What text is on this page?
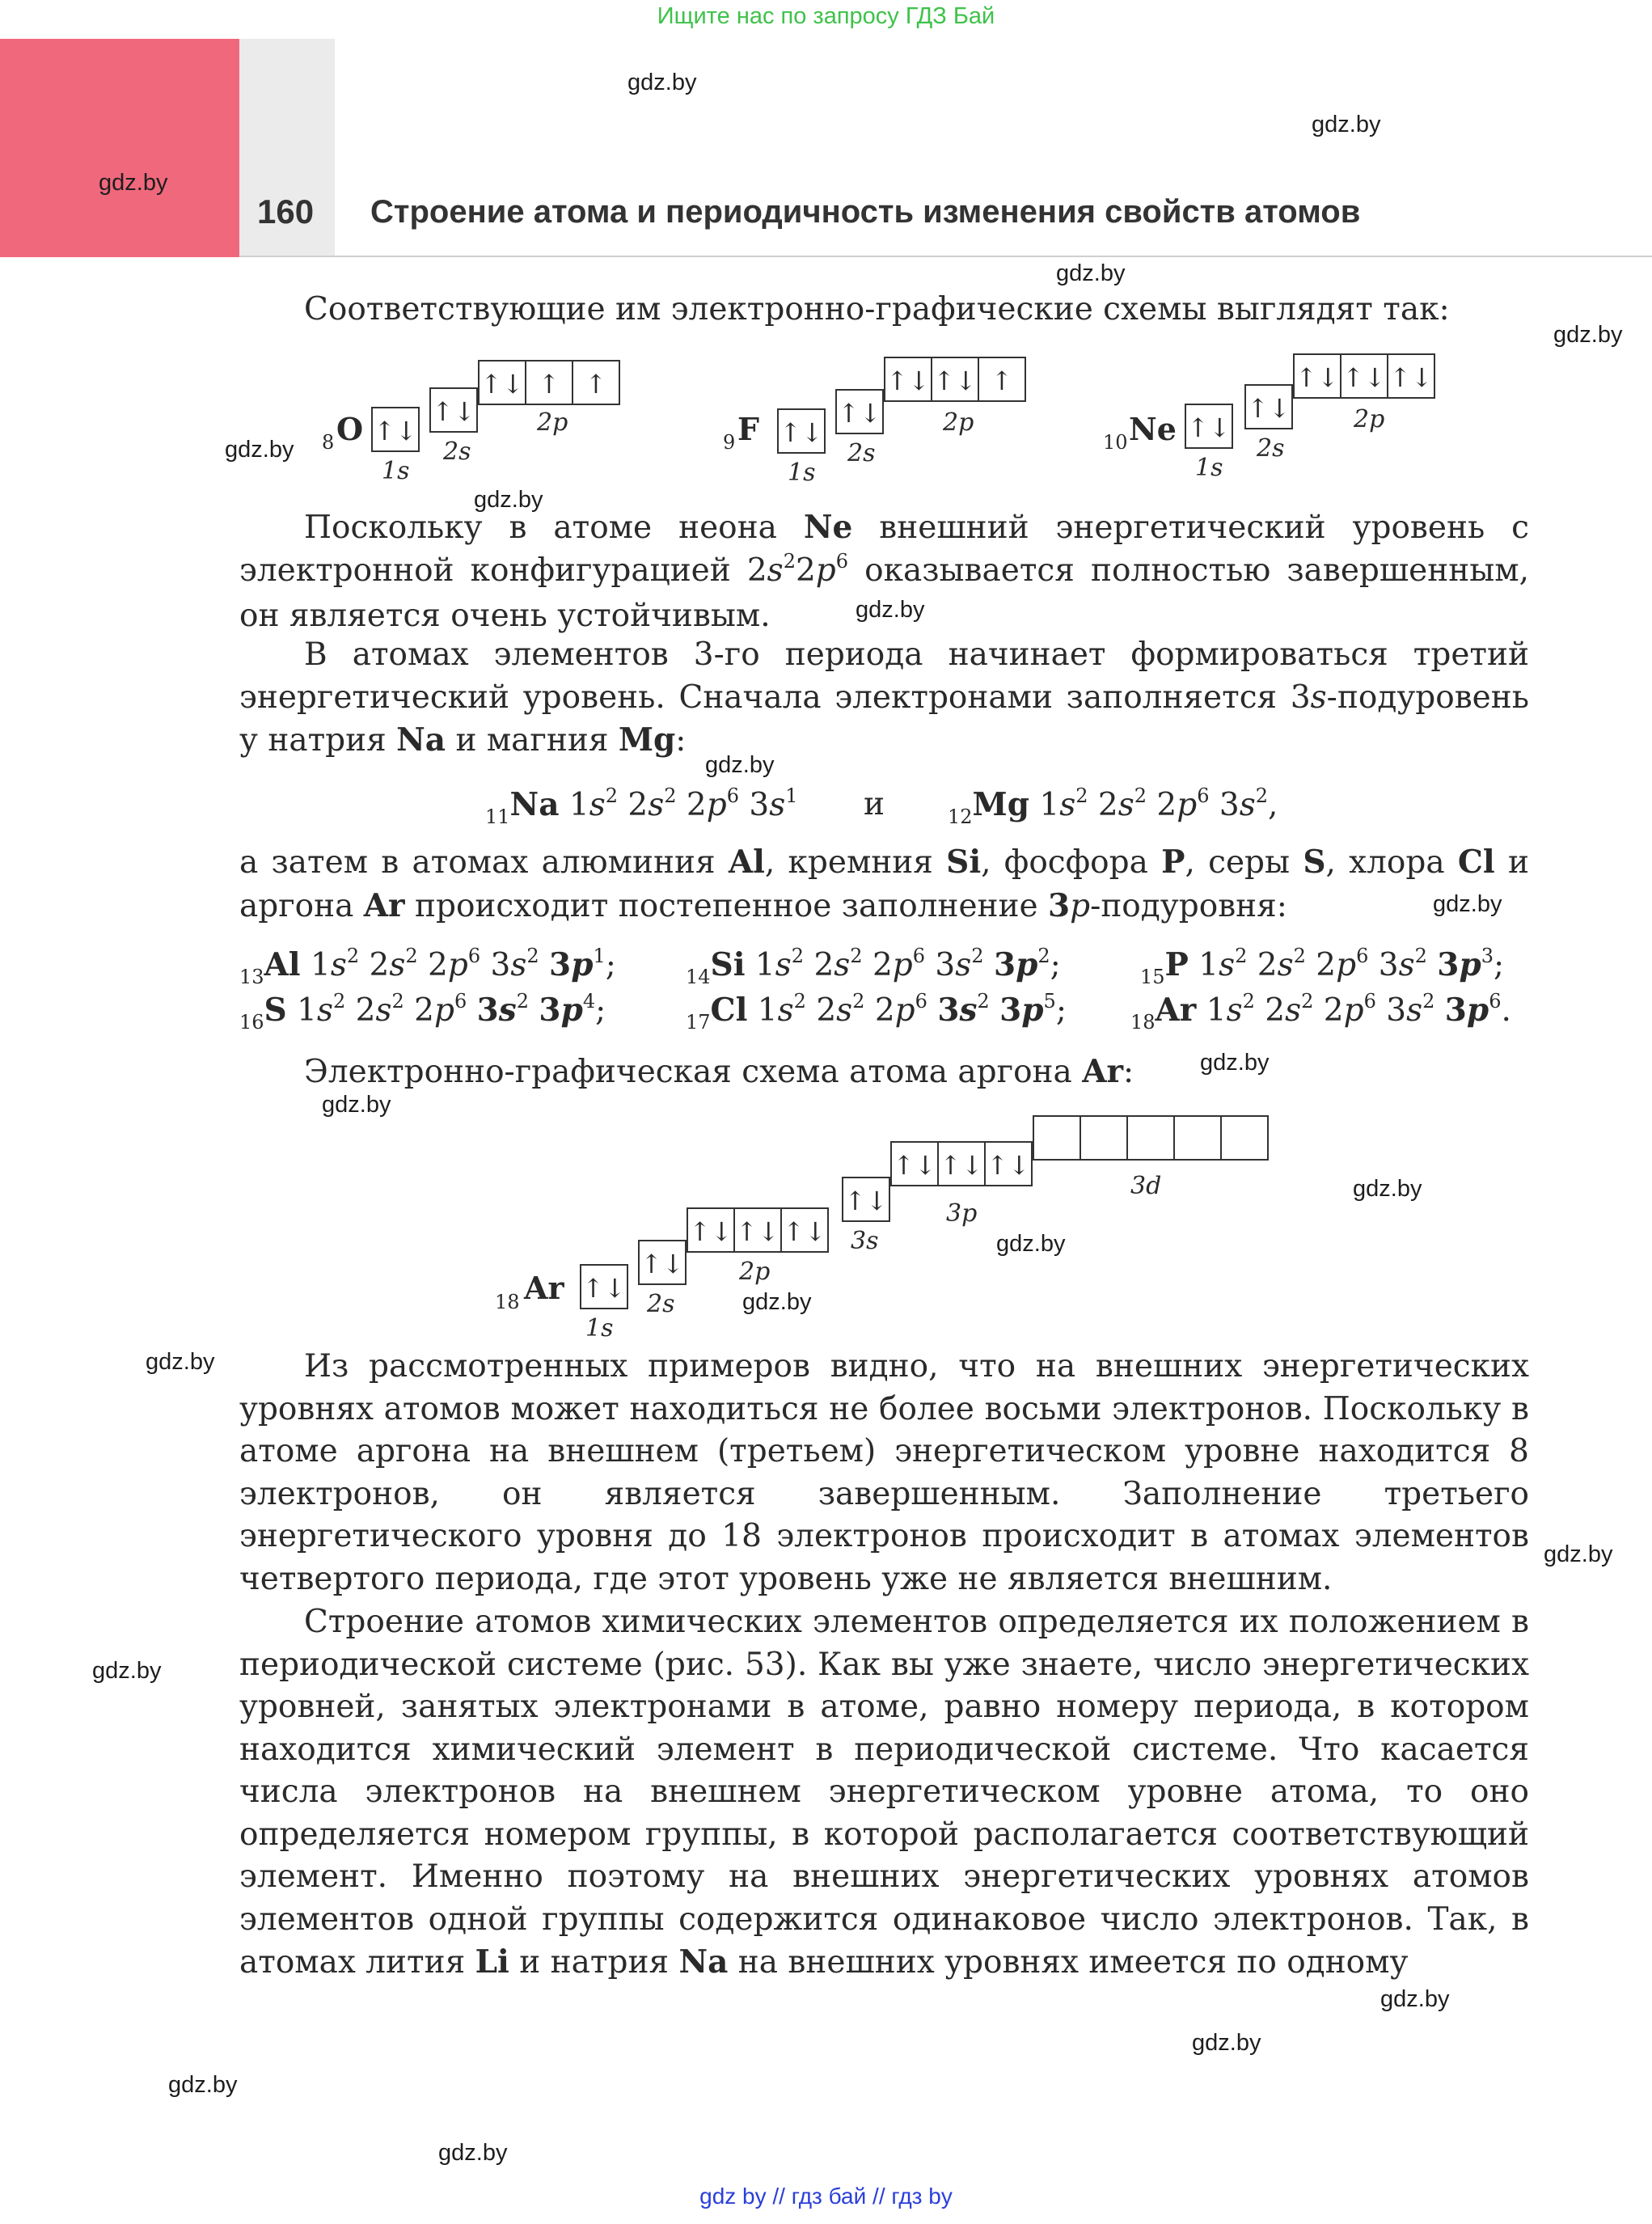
Ищите нас по запросу ГДЗ Бай
160 Строение атома и периодичность изменения свойств атомов
gdz.by
gdz.by
gdz.by
gdz.by
gdz.by
gdz.by
gdz.by
gdz.by
gdz.by
gdz.by
gdz.by
gdz.by
gdz.by
gdz.by
gdz.by
gdz.by
gdz.by
gdz.by
gdz.by
gdz.by
gdz.by
gdz.by
Соответствующие им электронно-графические схемы выглядят так:
8 O ↑↓
1s
↑↓
2s
↑↓ ↑ ↑
2p
9 F ↑↓
1s
↑↓
2s
↑↓ ↑↓ ↑
2p
10 Ne ↑↓
1s
↑↓
2s
↑↓ ↑↓ ↑↓
2p

Поскольку в атоме неона Ne внешний энергетический уровень с электронной конфигурацией $2s^22p^6$ оказывается полностью завершенным, он является очень устойчивым.

В атомах элементов 3-го периода начинает формироваться третий энергетический уровень. Сначала электронами заполняется 3s-подуровень у натрия Na и магния Mg:

$_{11}$Na $1s^2$ $2s^2$ $2p^6$ $3s^1$ и	$_{12}$Mg $1s^2$ $2s^2$ $2p^6$ $3s^2$,

а затем в атомах алюминия Al, кремния Si, фосфора P, серы S, хлора Cl и аргона Ar происходит постепенное заполнение 3p-подуровня:

$_{13}$Al $1s^2$ $2s^2$ $2p^6$ $3s^2$ $3p^1$;	$_{14}$Si $1s^2$ $2s^2$ $2p^6$ $3s^2$ $3p^2$;	$_{15}$P $1s^2$ $2s^2$ $2p^6$ $3s^2$ $3p^3$;
$_{16}$S $1s^2$ $2s^2$ $2p^6$ $3s^2$ $3p^4$;	$_{17}$Cl $1s^2$ $2s^2$ $2p^6$ $3s^2$ $3p^5$;	$_{18}$Ar $1s^2$ $2s^2$ $2p^6$ $3s^2$ $3p^6$.
Электронно-графическая схема атома аргона Ar:
18 Ar ↑↓
1s
↑↓
2s
↑↓ ↑↓ ↑↓
2p
↑↓
3s
↑↓ ↑↓ ↑↓
3p
3d

Из рассмотренных примеров видно, что на внешних энергетических уровнях атомов может находиться не более восьми электронов. Поскольку в атоме аргона на внешнем (третьем) энергетическом уровне находится 8 электронов, он является завершенным. Заполнение третьего энергетического уровня до 18 электронов происходит в атомах элементов четвертого периода, где этот уровень уже не является внешним.

Строение атомов химических элементов определяется их положением в периодической системе (рис. 53). Как вы уже знаете, число энергетических уровней, занятых электронами в атоме, равно номеру периода, в котором находится химический элемент в периодической системе. Что касается числа электронов на внешнем энергетическом уровне атома, то оно определяется номером группы, в которой располагается соответствующий элемент. Именно поэтому на внешних энергетических уровнях атомов элементов одной группы содержится одинаковое число электронов. Так, в атомах лития Li и натрия Na на внешних уровнях имеется по одному

gdz by // гдз бай // гдз by
